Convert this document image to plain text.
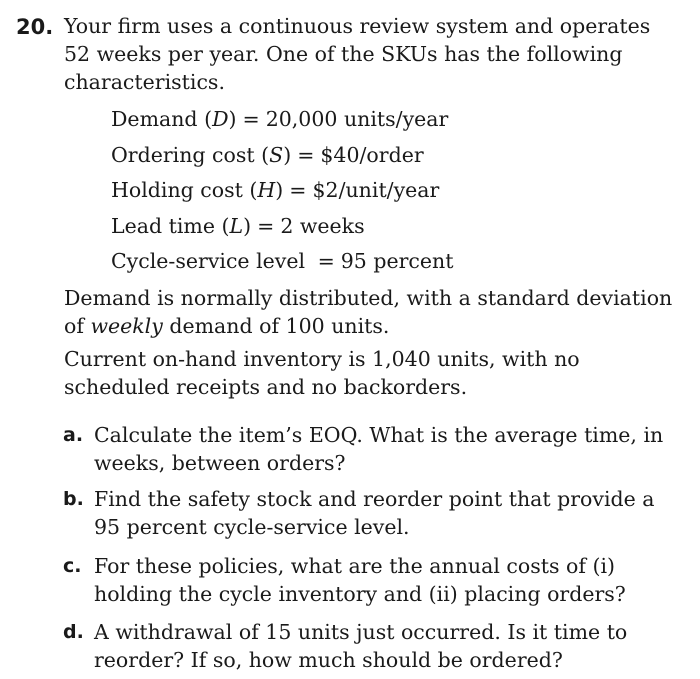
20. Your firm uses a continuous review system and operates 52 weeks per year. One of the SKUs has the following characteristics.
Demand (D) = 20,000 units/year
Ordering cost (S) = $40/order
Holding cost (H) = $2/unit/year
Lead time (L) = 2 weeks
Cycle-service level = 95 percent
Demand is normally distributed, with a standard deviation of weekly demand of 100 units.
Current on-hand inventory is 1,040 units, with no scheduled receipts and no backorders.
a. Calculate the item’s EOQ. What is the average time, in weeks, between orders?
b. Find the safety stock and reorder point that provide a 95 percent cycle-service level.
c. For these policies, what are the annual costs of (i) holding the cycle inventory and (ii) placing orders?
d. A withdrawal of 15 units just occurred. Is it time to reorder? If so, how much should be ordered?
